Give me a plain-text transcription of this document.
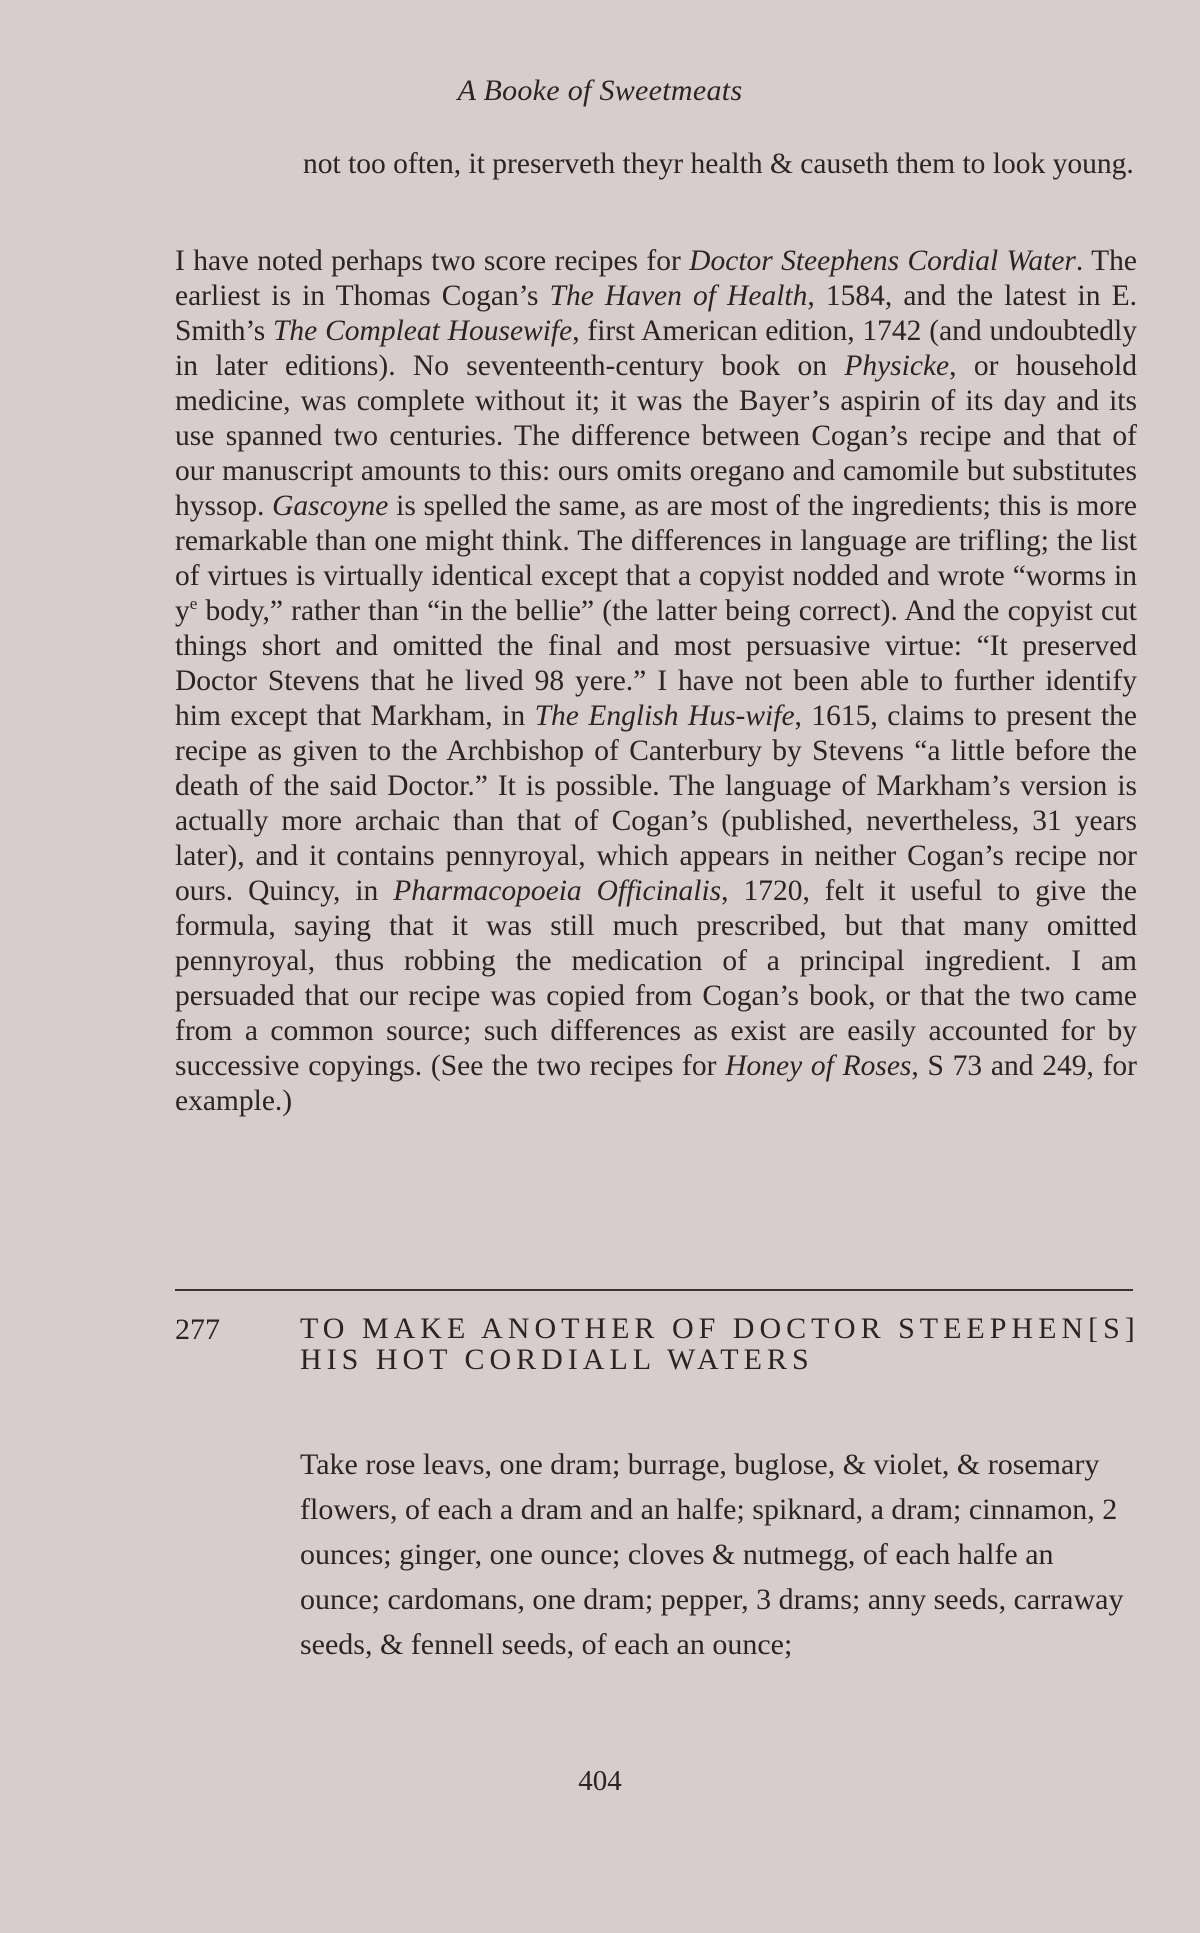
A Booke of Sweetmeats

not too often, it preserveth theyr health & causeth them to look young.

I have noted perhaps two score recipes for Doctor Steephens Cordial Water. The earliest is in Thomas Cogan’s The Haven of Health, 1584, and the latest in E. Smith’s The Compleat Housewife, first American edition, 1742 (and undoubtedly in later editions). No seventeenth-century book on Physicke, or household medicine, was complete without it; it was the Bayer’s aspirin of its day and its use spanned two centuries. The difference between Cogan’s recipe and that of our manuscript amounts to this: ours omits oregano and camomile but substitutes hyssop. Gascoyne is spelled the same, as are most of the ingredients; this is more remarkable than one might think. The differences in language are trifling; the list of virtues is virtually identical except that a copyist nodded and wrote “worms in $y^e$ body,” rather than “in the bellie” (the latter being correct). And the copyist cut things short and omitted the final and most persuasive virtue: “It preserved Doctor Stevens that he lived 98 yere.” I have not been able to further identify him except that Markham, in The English Hus-wife, 1615, claims to present the recipe as given to the Archbishop of Canterbury by Stevens “a little before the death of the said Doctor.” It is possible. The language of Markham’s version is actually more archaic than that of Cogan’s (published, nevertheless, 31 years later), and it contains pennyroyal, which appears in neither Cogan’s recipe nor ours. Quincy, in Pharmacopoeia Officinalis, 1720, felt it useful to give the formula, saying that it was still much prescribed, but that many omitted pennyroyal, thus robbing the medication of a principal ingredient. I am persuaded that our recipe was copied from Cogan’s book, or that the two came from a common source; such differences as exist are easily accounted for by successive copyings. (See the two recipes for Honey of Roses, S 73 and 249, for example.)

277	TO MAKE ANOTHER OF DOCTOR STEEPHEN[S] HIS HOT CORDIALL WATERS

Take rose leavs, one dram; burrage, buglose, & violet, & rosemary flowers, of each a dram and an halfe; spiknard, a dram; cinnamon, 2 ounces; ginger, one ounce; cloves & nutmegg, of each halfe an ounce; cardomans, one dram; pepper, 3 drams; anny seeds, carraway seeds, & fennell seeds, of each an ounce;

404
